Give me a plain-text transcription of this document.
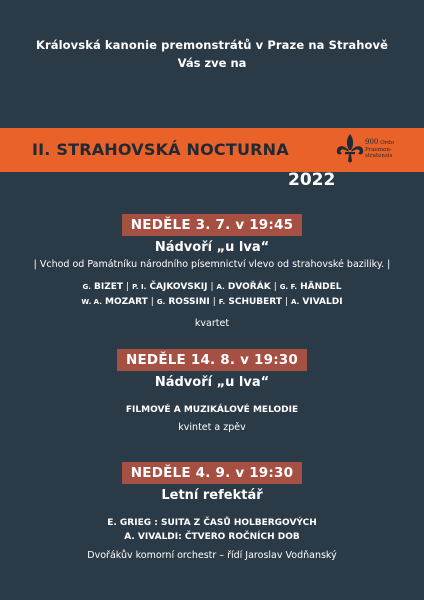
Královská kanonie premonstrátů v Praze na Strahově
Vás zve na
II. STRAHOVSKÁ NOCTURNA	900 Ordo
Praemon-
stratensis
2022
NEDĚLE 3. 7. v 19:45
Nádvoří „u lva“
| Vchod od Památníku národního písemnictví vlevo od strahovské baziliky. |
G. BIZET | P. I. ČAJKOVSKIJ | A. DVOŘÁK | G. F. HÄNDEL
W. A. MOZART | G. ROSSINI | F. SCHUBERT | A. VIVALDI
kvartet
NEDĚLE 14. 8. v 19:30
Nádvoří „u lva“
FILMOVÉ A MUZIKÁLOVÉ MELODIE
kvintet a zpěv
NEDĚLE 4. 9. v 19:30
Letní refektář
E. GRIEG : SUITA Z ČASŮ HOLBERGOVÝCH
A. VIVALDI: ČTVERO ROČNÍCH DOB
Dvořákův komorní orchestr – řídí Jaroslav Vodňanský
